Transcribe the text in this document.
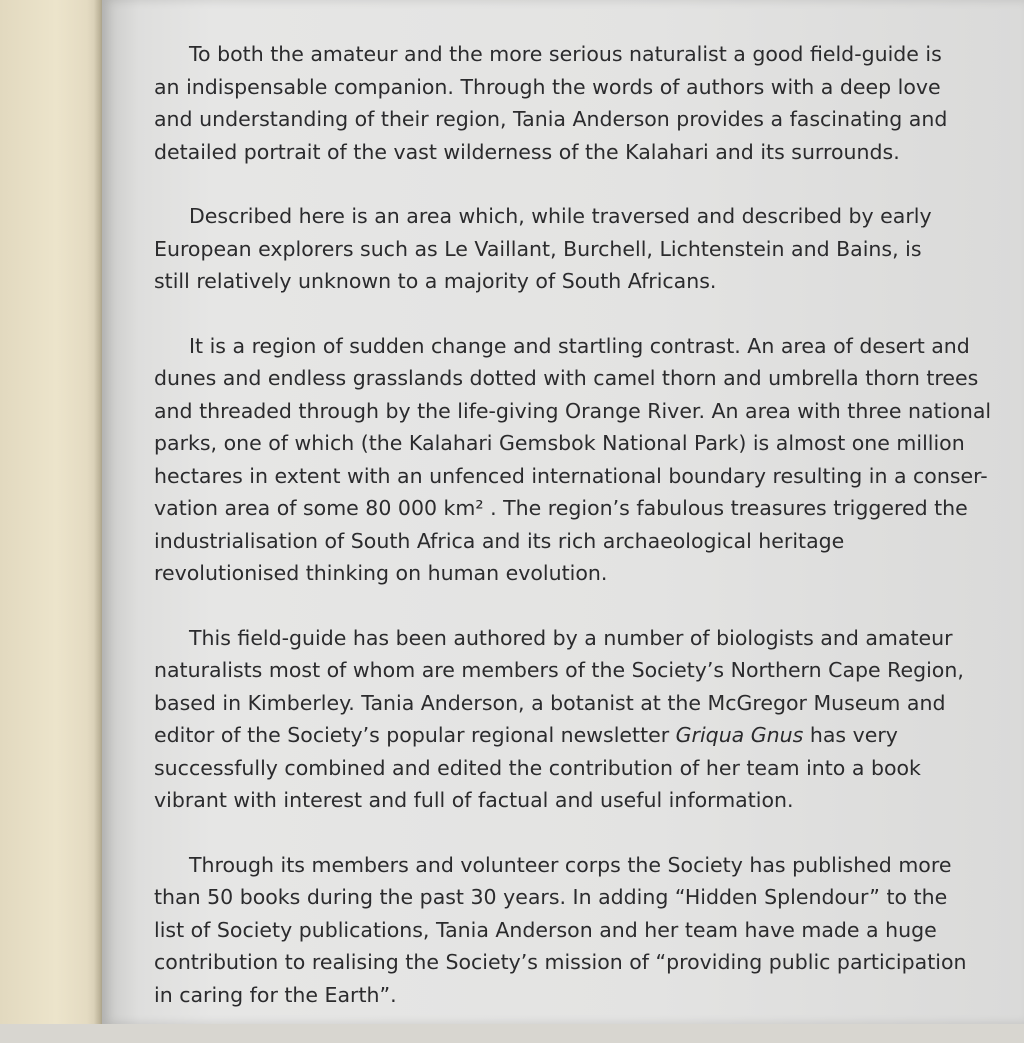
To both the amateur and the more serious naturalist a good field-guide is
an indispensable companion. Through the words of authors with a deep love
and understanding of their region, Tania Anderson provides a fascinating and
detailed portrait of the vast wilderness of the Kalahari and its surrounds.

Described here is an area which, while traversed and described by early
European explorers such as Le Vaillant, Burchell, Lichtenstein and Bains, is
still relatively unknown to a majority of South Africans.

It is a region of sudden change and startling contrast. An area of desert and
dunes and endless grasslands dotted with camel thorn and umbrella thorn trees
and threaded through by the life-giving Orange River. An area with three national
parks, one of which (the Kalahari Gemsbok National Park) is almost one million
hectares in extent with an unfenced international boundary resulting in a conser-
vation area of some 80 000 km² . The region’s fabulous treasures triggered the
industrialisation of South Africa and its rich archaeological heritage
revolutionised thinking on human evolution.

This field-guide has been authored by a number of biologists and amateur
naturalists most of whom are members of the Society’s Northern Cape Region,
based in Kimberley. Tania Anderson, a botanist at the McGregor Museum and
editor of the Society’s popular regional newsletter Griqua Gnus has very
successfully combined and edited the contribution of her team into a book
vibrant with interest and full of factual and useful information.

Through its members and volunteer corps the Society has published more
than 50 books during the past 30 years. In adding “Hidden Splendour” to the
list of Society publications, Tania Anderson and her team have made a huge
contribution to realising the Society’s mission of “providing public participation
in caring for the Earth”.
